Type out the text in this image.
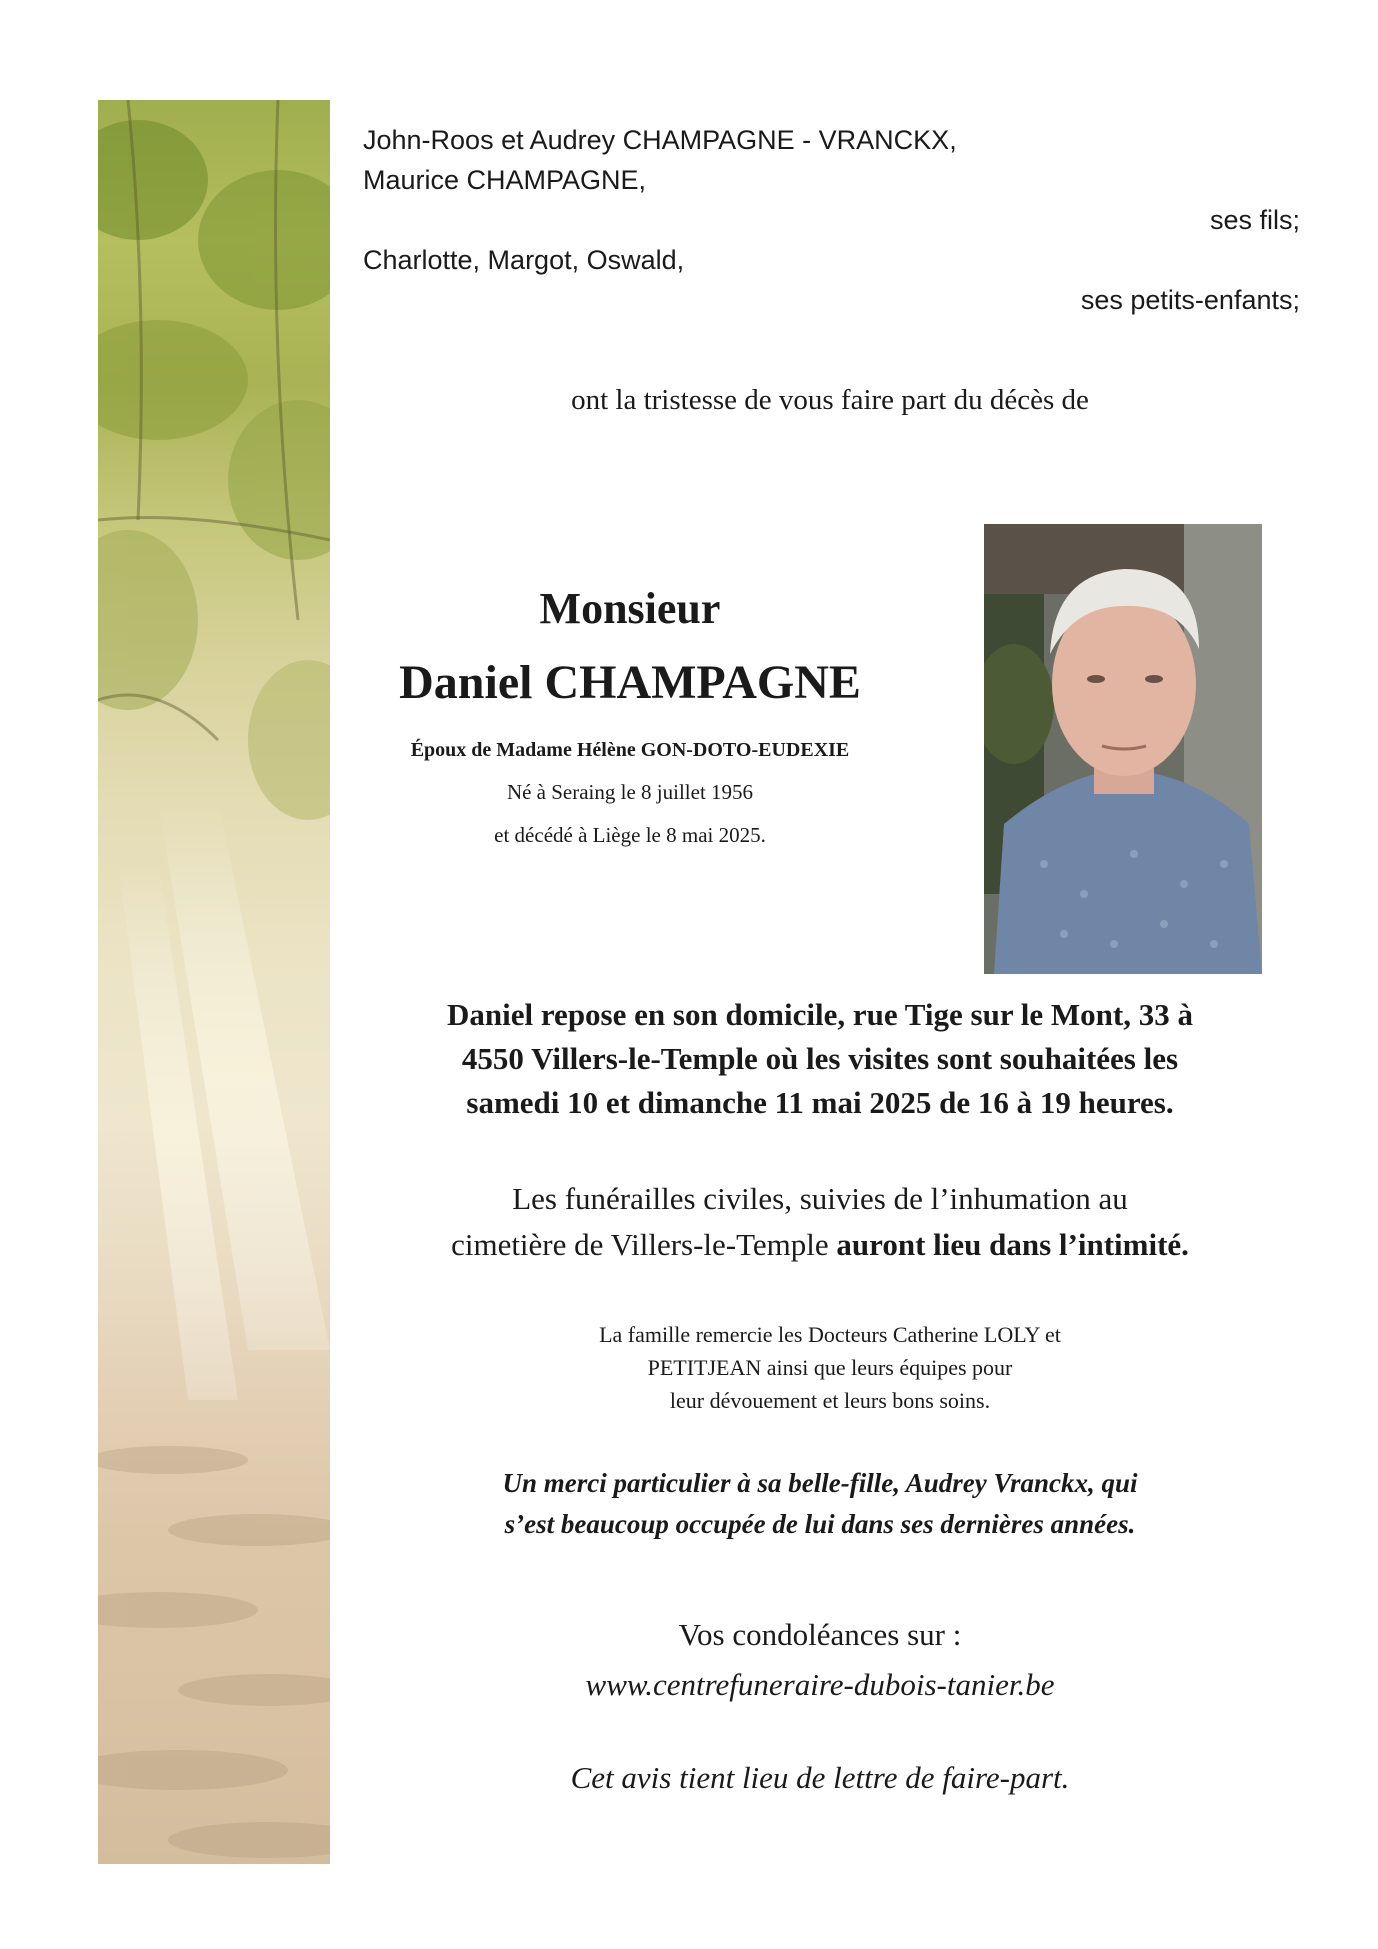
John-Roos et Audrey CHAMPAGNE - VRANCKX,
Maurice CHAMPAGNE,
ses fils;
Charlotte, Margot, Oswald,
ses petits-enfants;
ont la tristesse de vous faire part du décès de
Monsieur
Daniel CHAMPAGNE
Époux de Madame Hélène GON-DOTO-EUDEXIE
Né à Seraing le 8 juillet 1956
et décédé à Liège le 8 mai 2025.
Daniel repose en son domicile, rue Tige sur le Mont, 33 à
4550 Villers-le-Temple où les visites sont souhaitées les
samedi 10 et dimanche 11 mai 2025 de 16 à 19 heures.
Les funérailles civiles, suivies de l’inhumation au
cimetière de Villers-le-Temple auront lieu dans l’intimité.
La famille remercie les Docteurs Catherine LOLY et
PETITJEAN ainsi que leurs équipes pour
leur dévouement et leurs bons soins.
Un merci particulier à sa belle-fille, Audrey Vranckx, qui
s’est beaucoup occupée de lui dans ses dernières années.
Vos condoléances sur :
www.centrefuneraire-dubois-tanier.be
Cet avis tient lieu de lettre de faire-part.
